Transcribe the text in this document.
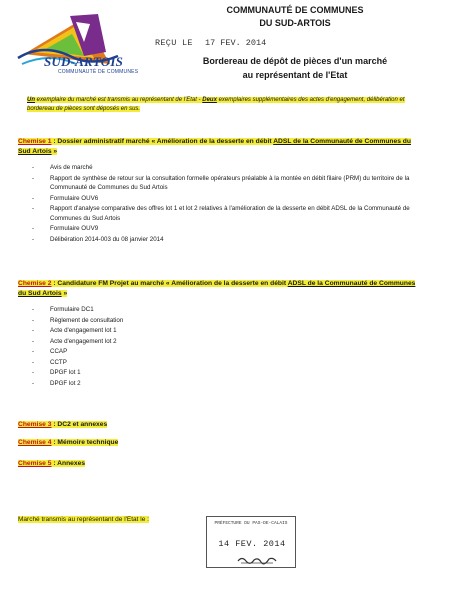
SUD-ARTOIS
COMMUNAUTÉ DE COMMUNES
COMMUNAUTÉ DE COMMUNES
DU SUD-ARTOIS
REÇU LE 17 FEV. 2014
Bordereau de dépôt de pièces d'un marché
au représentant de l'Etat
Un exemplaire du marché est transmis au représentant de l'Etat - Deux exemplaires supplémentaires des actes d'engagement, délibération et bordereau de pièces sont déposés en sus.
Chemise 1 : Dossier administratif marché « Amélioration de la desserte en débit ADSL de la Communauté de Communes du Sud Artois »
- Avis de marché
- Rapport de synthèse de retour sur la consultation formelle opérateurs préalable à la montée en débit filaire (PRM) du territoire de la Communauté de Communes du Sud Artois
- Formulaire OUV6
- Rapport d'analyse comparative des offres lot 1 et lot 2 relatives à l'amélioration de la desserte en débit ADSL de la Communauté de Communes du Sud Artois
- Formulaire OUV9
- Délibération 2014-003 du 08 janvier 2014
Chemise 2 : Candidature FM Projet au marché « Amélioration de la desserte en débit ADSL de la Communauté de Communes du Sud Artois »
- Formulaire DC1
- Règlement de consultation
- Acte d'engagement lot 1
- Acte d'engagement lot 2
- CCAP
- CCTP
- DPGF lot 1
- DPGF lot 2
Chemise 3 : DC2 et annexes
Chemise 4 : Mémoire technique
Chemise 5 : Annexes
Marché transmis au représentant de l'Etat le :
PRÉFECTURE DU PAS-DE-CALAIS
14 FEV. 2014
